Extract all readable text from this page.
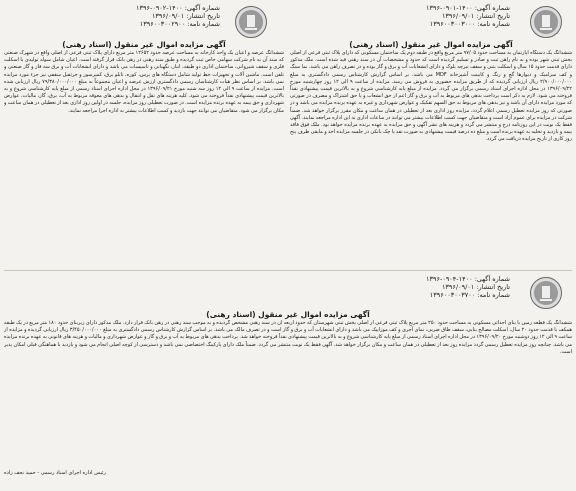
شماره آگهی: ۱۴۰۰-۰۹۰۱-۱۳۹۶
تاریخ انتشار: ۱۳۹۶/۰۹/۰۱
شماره نامه: ۱۳۹۶۰۰۳۰۰۳۰۰۰
شماره آگهی: ۱۴۰۰-۰۹۰۲-۱۳۹۶
تاریخ انتشار: ۱۳۹۶/۰۹/۰۱
شماره نامه: ۱۳۹۶۰۰۳۰۰۲۹۰۰
آگهی مزایده اموال غیر منقول (اسناد رهنی)
ششدانگ یک دستگاه آپارتمان به مساحت حدود ۹۷/۰۵ متر مربع واقع در طبقه دوم یک ساختمان مسکونی که دارای پلاک ثبتی فرعی از اصلی بخش ثبتی شهر بوده و به نام راهن ثبت و صادر و تسلیم گردیده است که حدود و مشخصات آن در سند رهنی قید شده است. ملک مذکور دارای قدمت حدود ۱۵ سال و اسکلت بتنی و سقف تیرچه بلوک و دارای انشعابات آب و برق و گاز بوده و در تصرف راهن می باشد. نما سنگ و کف سرامیک و دیوارها گچ و رنگ و کابینت آشپزخانه MDF می باشد. بر اساس گزارش کارشناس رسمی دادگستری به مبلغ ۲/۹۰۰/۰۰۰/۰۰۰ ریال ارزیابی گردیده که از طریق مزایده حضوری به فروش می رسد. مزایده از ساعت ۹ الی ۱۲ روز چهارشنبه مورخ ۱۳۹۶/۰۹/۲۲ در محل اداره اجرای اسناد رسمی برگزار می گردد. مزایده از مبلغ پایه کارشناسی شروع و به بالاترین قیمت پیشنهادی نقداً فروخته می شود. لازم به ذکر است پرداخت بدهی های مربوط به آب و برق و گاز اعم از حق انشعاب و یا حق اشتراک و مصرف در صورتی که مورد مزایده دارای آن باشد و نیز بدهی های مربوط به حق السهم تفکیک و عوارض شهرداری و غیره به عهده برنده مزایده می باشد و در صورتی که روز مزایده تعطیل رسمی اعلام گردد، مزایده روز اداری بعد از تعطیلی در همان ساعت و مکان مقرر برگزار خواهد شد. ضمناً شرکت در مزایده برای عموم آزاد است و متقاضیان جهت کسب اطلاعات بیشتر می توانند در ساعات اداری به این اداره مراجعه نمایند. آگهی فقط یک نوبت در این روزنامه درج و منتشر می گردد و هزینه های نشر آگهی و حق مزایده به عهده برنده مزایده خواهد بود. ملک فوق فاقد بیمه و بازدید و تخلیه به عهده برنده است و مبلغ ده درصد قیمت پیشنهادی به صورت نقد یا چک بانکی در جلسه مزایده اخذ و مابقی ظرف پنج روز کاری از تاریخ مزایده دریافت می گردد.
آگهی مزایده اموال غیر منقول (اسناد رهنی)
ششدانگ عرصه و اعیان یک واحد کارخانه به مساحت عرصه حدود ۱۲۶۵۲ متر مربع دارای پلاک ثبتی فرعی از اصلی واقع در شهرک صنعتی که سند آن به نام شرکت سهامی خاص ثبت گردیده و طبق سند رهنی در رهن بانک قرار گرفته است. اعیان شامل سوله تولیدی با اسکلت فلزی و سقف شیروانی، ساختمان اداری دو طبقه، انبار، نگهبانی و تاسیسات می باشد و دارای انشعابات آب و برق سه فاز و گاز صنعتی و تلفن است. ماشین آلات و تجهیزات خط تولید شامل دستگاه های پرس، کوره، تابلو برق، کمپرسور و جرثقیل سقفی نیز جزء مورد مزایده نمی باشد. بر اساس نظر هیات کارشناسان رسمی دادگستری ارزش عرصه و اعیان مجموعاً به مبلغ ۷۹/۳۸۰/۰۰۰/۰۰۰ ریال ارزیابی شده است. مزایده از ساعت ۹ الی ۱۲ روز سه شنبه مورخ ۱۳۹۶/۰۹/۲۱ در محل اداره اجرای اسناد رسمی از مبلغ پایه کارشناسی شروع و به بالاترین قیمت پیشنهادی نقداً فروخته می شود. کلیه هزینه های نقل و انتقال و بدهی های معوقه مربوط به آب، برق، گاز، مالیات، عوارض شهرداری و حق بیمه به عهده برنده مزایده است. در صورت تعطیلی روز مزایده، جلسه در اولین روز اداری بعد از تعطیلی در همان ساعت و مکان برگزار می شود. متقاضیان می توانند جهت بازدید و کسب اطلاعات بیشتر به اداره اجرا مراجعه نمایند.
شماره آگهی: ۱۴۰۰-۰۹۰۴-۱۳۹۶
تاریخ انتشار: ۱۳۹۶/۰۹/۰۱
شماره نامه: ۱۳۹۶۰۰۳۰۰۳۷۰۰
آگهی مزایده اموال غیر منقول (اسناد رهنی)
ششدانگ یک قطعه زمین با بنای احداثی مسکونی به مساحت حدود ۲۵۰ متر مربع پلاک ثبتی فرعی از اصلی بخش ثبتی شهرستان که حدود اربعه آن در سند رهنی مشخص گردیده و به موجب سند رهنی در رهن بانک قرار دارد. ملک مذکور دارای زیربنای حدود ۱۸۰ متر مربع در یک طبقه همکف با قدمت حدود ۲۰ سال، اسکلت مصالح بنایی، سقف طاق ضربی، نمای آجری و کف موزاییک می باشد و دارای انشعابات آب و برق و گاز است و در تصرف مالک می باشد. بر اساس گزارش کارشناس رسمی دادگستری به مبلغ ۳/۴۵۰/۰۰۰/۰۰۰ ریال ارزیابی گردیده و مزایده از ساعت ۹ الی ۱۲ روز دوشنبه مورخ ۱۳۹۶/۰۹/۲۰ در محل اداره اجرای اسناد رسمی از مبلغ پایه کارشناسی شروع و به بالاترین قیمت پیشنهادی نقداً فروخته خواهد شد. پرداخت بدهی های مربوط به آب و برق و گاز و عوارض شهرداری و مالیات و هزینه های قانونی به عهده برنده مزایده می باشد. چنانچه روز مزایده تعطیل رسمی گردد مزایده روز بعد از تعطیلی در همان ساعت و مکان برگزار خواهد شد. آگهی فقط یک نوبت منتشر می گردد. ضمناً ملک دارای پارکینگ اختصاصی نمی باشد و دسترسی از کوچه اصلی انجام می شود و بازدید با هماهنگی قبلی امکان پذیر است.
رئیس اداره اجرای اسناد رسمی - حمید نجف زاده
